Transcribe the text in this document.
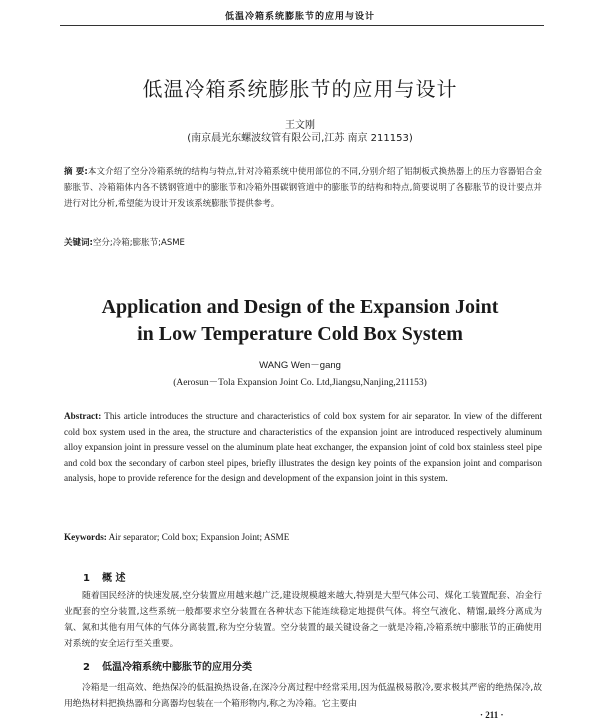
低温冷箱系统膨胀节的应用与设计
低温冷箱系统膨胀节的应用与设计
王文刚
(南京晨光东螺波纹管有限公司,江苏 南京 211153)
摘 要:本文介绍了空分冷箱系统的结构与特点,针对冷箱系统中使用部位的不同,分别介绍了铝制板式换热器上的压力容器铝合金膨胀节、冷箱箱体内各不锈钢管道中的膨胀节和冷箱外围碳钢管道中的膨胀节的结构和特点,简要说明了各膨胀节的设计要点并进行对比分析,希望能为设计开发该系统膨胀节提供参考。
关键词:空分;冷箱;膨胀节;ASME
Application and Design of the Expansion Joint
in Low Temperature Cold Box System
WANG Wen－gang
(Aerosun－Tola Expansion Joint Co. Ltd,Jiangsu,Nanjing,211153)
Abstract: This article introduces the structure and characteristics of cold box system for air separator. In view of the different cold box system used in the area, the structure and characteristics of the expansion joint are introduced respectively aluminum alloy expansion joint in pressure vessel on the aluminum plate heat exchanger, the expansion joint of cold box stainless steel pipe and cold box the secondary of carbon steel pipes, briefly illustrates the design key points of the expansion joint and comparison analysis, hope to provide reference for the design and development of the expansion joint in this system.
Keywords: Air separator; Cold box; Expansion Joint; ASME
1 概 述
随着国民经济的快速发展,空分装置应用越来越广泛,建设规模越来越大,特别是大型气体公司、煤化工装置配套、冶金行业配套的空分装置,这些系统一般都要求空分装置在各种状态下能连续稳定地提供气体。将空气液化、精馏,最终分离成为氧、氮和其他有用气体的气体分离装置,称为空分装置。空分装置的最关键设备之一就是冷箱,冷箱系统中膨胀节的正确使用对系统的安全运行至关重要。
2 低温冷箱系统中膨胀节的应用分类
冷箱是一组高效、绝热保冷的低温换热设备,在深冷分离过程中经常采用,因为低温极易散冷,要求极其严密的绝热保冷,故用绝热材料把换热器和分离器均包装在一个箱形物内,称之为冷箱。它主要由
· 211 ·
